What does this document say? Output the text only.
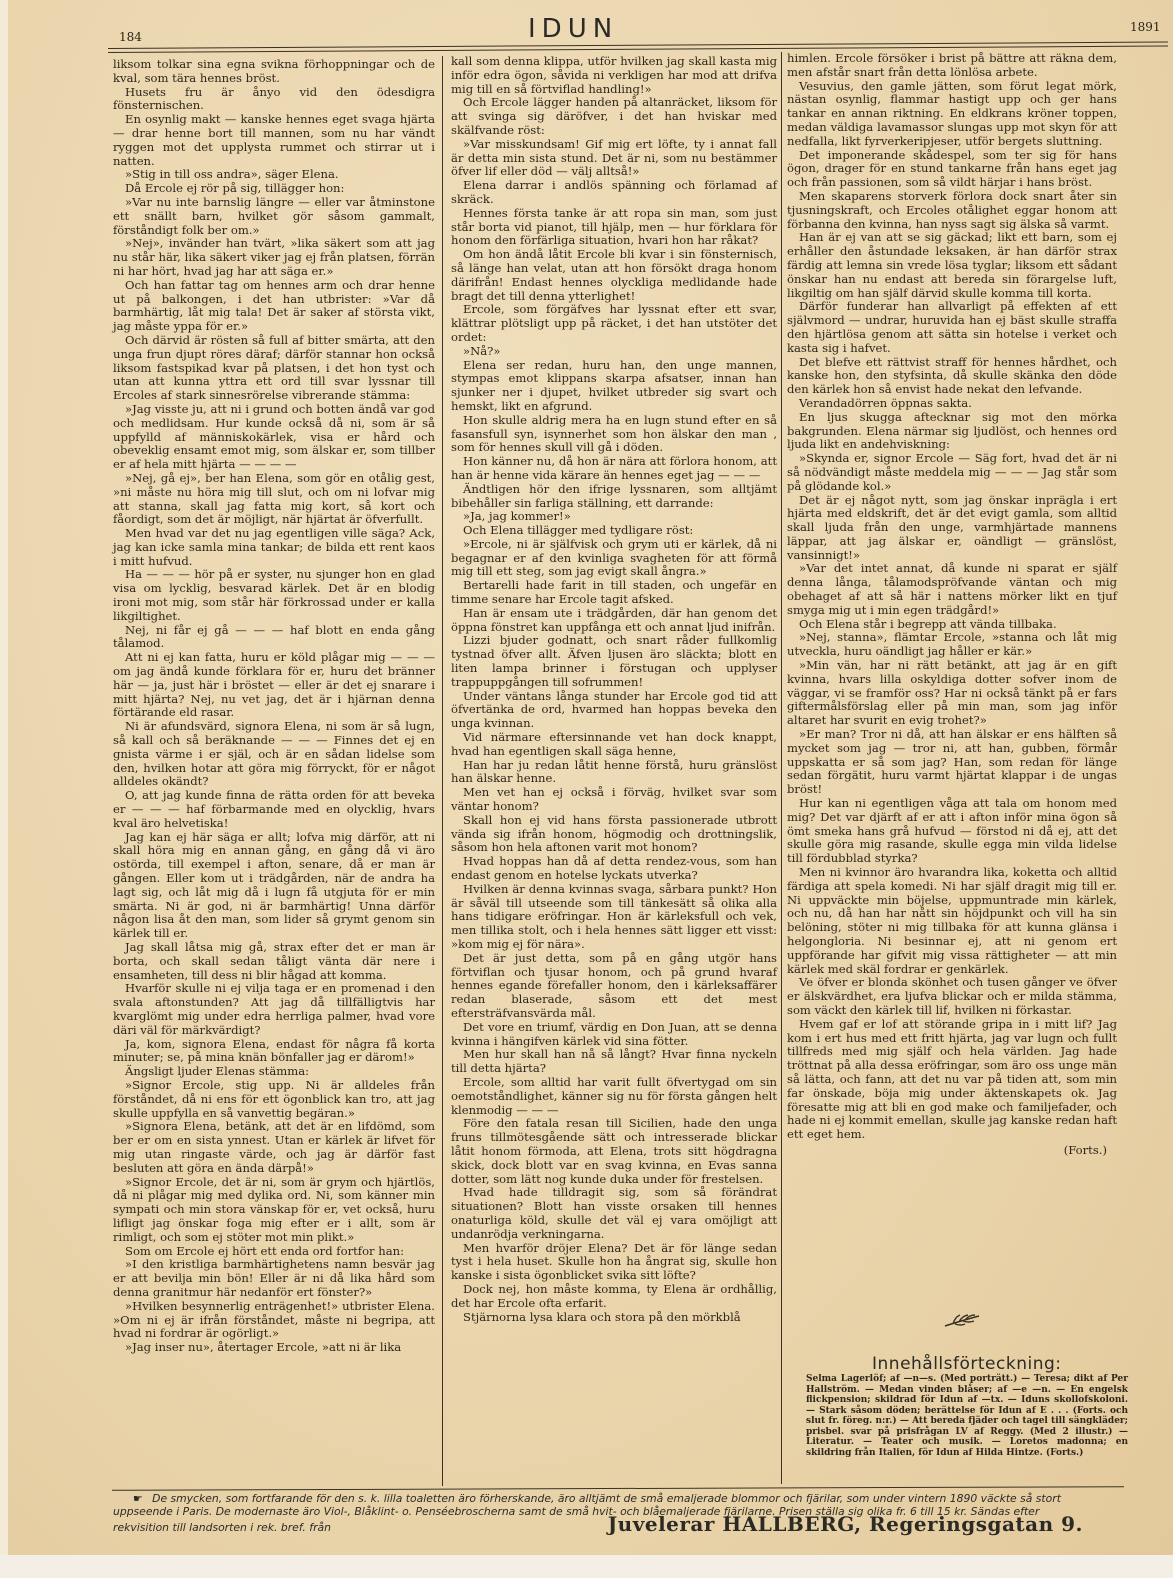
184	IDUN	1891

liksom tolkar sina egna svikna förhoppningar och de kval, som tära hennes bröst.

Husets fru är ånyo vid den ödesdigra fönsternischen.

En osynlig makt — kanske hennes eget svaga hjärta — drar henne bort till mannen, som nu har vändt ryggen mot det upplysta rummet och stirrar ut i natten.

»Stig in till oss andra», säger Elena.

Då Ercole ej rör på sig, tillägger hon:

»Var nu inte barnslig längre — eller var åtminstone ett snällt barn, hvilket gör såsom gammalt, förståndigt folk ber om.»

»Nej», invänder han tvärt, »lika säkert som att jag nu står här, lika säkert viker jag ej från platsen, förrän ni har hört, hvad jag har att säga er.»

Och han fattar tag om hennes arm och drar henne ut på balkongen, i det han utbrister: »Var då barmhärtig, låt mig tala! Det är saker af största vikt, jag måste yppa för er.»

Och därvid är rösten så full af bitter smärta, att den unga frun djupt röres däraf; därför stannar hon också liksom fastspikad kvar på platsen, i det hon tyst och utan att kunna yttra ett ord till svar lyssnar till Ercoles af stark sinnesrörelse vibrerande stämma:

»Jag visste ju, att ni i grund och botten ändå var god och medlidsam. Hur kunde också då ni, som är så uppfylld af människokärlek, visa er hård och obeveklig ensamt emot mig, som älskar er, som tillber er af hela mitt hjärta — — — —

»Nej, gå ej», ber han Elena, som gör en otålig gest, »ni måste nu höra mig till slut, och om ni lofvar mig att stanna, skall jag fatta mig kort, så kort och fåordigt, som det är möjligt, när hjärtat är öfverfullt.

Men hvad var det nu jag egentligen ville säga? Ack, jag kan icke samla mina tankar; de bilda ett rent kaos i mitt hufvud.

Ha — — — hör på er syster, nu sjunger hon en glad visa om lycklig, besvarad kärlek. Det är en blodig ironi mot mig, som står här förkrossad under er kalla likgiltighet.

Nej, ni får ej gå — — — haf blott en enda gång tålamod.

Att ni ej kan fatta, huru er köld plågar mig — — — om jag ändå kunde förklara för er, huru det bränner här — ja, just här i bröstet — eller är det ej snarare i mitt hjärta? Nej, nu vet jag, det är i hjärnan denna förtärande eld rasar.

Ni är afundsvärd, signora Elena, ni som är så lugn, så kall och så beräknande — — — Finnes det ej en gnista värme i er själ, och är en sådan lidelse som den, hvilken hotar att göra mig förryckt, för er något alldeles okändt?

O, att jag kunde finna de rätta orden för att beveka er — — — haf förbarmande med en olycklig, hvars kval äro helvetiska!

Jag kan ej här säga er allt; lofva mig därför, att ni skall höra mig en annan gång, en gång då vi äro ostörda, till exempel i afton, senare, då er man är gången. Eller kom ut i trädgården, när de andra ha lagt sig, och låt mig då i lugn få utgjuta för er min smärta. Ni är god, ni är barmhärtig! Unna därför någon lisa åt den man, som lider så grymt genom sin kärlek till er.

Jag skall låtsa mig gå, strax efter det er man är borta, och skall sedan tåligt vänta där nere i ensamheten, till dess ni blir hågad att komma.

Hvarför skulle ni ej vilja taga er en promenad i den svala aftonstunden? Att jag då tillfälligtvis har kvarglömt mig under edra herrliga palmer, hvad vore däri väl för märkvärdigt?

Ja, kom, signora Elena, endast för några få korta minuter; se, på mina knän bönfaller jag er därom!»

Ängsligt ljuder Elenas stämma:

»Signor Ercole, stig upp. Ni är alldeles från förståndet, då ni ens för ett ögonblick kan tro, att jag skulle uppfylla en så vanvettig begäran.»

»Signora Elena, betänk, att det är en lifdömd, som ber er om en sista ynnest. Utan er kärlek är lifvet för mig utan ringaste värde, och jag är därför fast besluten att göra en ända därpå!»

»Signor Ercole, det är ni, som är grym och hjärtlös, då ni plågar mig med dylika ord. Ni, som känner min sympati och min stora vänskap för er, vet också, huru lifligt jag önskar foga mig efter er i allt, som är rimligt, och som ej stöter mot min plikt.»

Som om Ercole ej hört ett enda ord fortfor han:

»I den kristliga barmhärtighetens namn besvär jag er att bevilja min bön! Eller är ni då lika hård som denna granitmur här nedanför ert fönster?»

»Hvilken besynnerlig enträgenhet!» utbrister Elena. »Om ni ej är ifrån förståndet, måste ni begripa, att hvad ni fordrar är ogörligt.»

»Jag inser nu», återtager Ercole, »att ni är lika

kall som denna klippa, utför hvilken jag skall kasta mig inför edra ögon, såvida ni verkligen har mod att drifva mig till en så förtviflad handling!»

Och Ercole lägger handen på altanräcket, liksom för att svinga sig däröfver, i det han hviskar med skälfvande röst:

»Var misskundsam! Gif mig ert löfte, ty i annat fall är detta min sista stund. Det är ni, som nu bestämmer öfver lif eller död — välj alltså!»

Elena darrar i andlös spänning och förlamad af skräck.

Hennes första tanke är att ropa sin man, som just står borta vid pianot, till hjälp, men — hur förklara för honom den förfärliga situation, hvari hon har råkat?

Om hon ändå låtit Ercole bli kvar i sin fönsternisch, så länge han velat, utan att hon försökt draga honom därifrån! Endast hennes olyckliga medlidande hade bragt det till denna ytterlighet!

Ercole, som förgäfves har lyssnat efter ett svar, klättrar plötsligt upp på räcket, i det han utstöter det ordet:

»Nå?»

Elena ser redan, huru han, den unge mannen, stympas emot klippans skarpa afsatser, innan han sjunker ner i djupet, hvilket utbreder sig svart och hemskt, likt en afgrund.

Hon skulle aldrig mera ha en lugn stund efter en så fasansfull syn, isynnerhet som hon älskar den man , som för hennes skull vill gå i döden.

Hon känner nu, då hon är nära att förlora honom, att han är henne vida kärare än hennes eget jag — — —

Ändtligen hör den ifrige lyssnaren, som alltjämt bibehåller sin farliga ställning, ett darrande:

»Ja, jag kommer!»

Och Elena tillägger med tydligare röst:

»Ercole, ni är själfvisk och grym uti er kärlek, då ni begagnar er af den kvinliga svagheten för att förmå mig till ett steg, som jag evigt skall ångra.»

Bertarelli hade farit in till staden, och ungefär en timme senare har Ercole tagit afsked.

Han är ensam ute i trädgården, där han genom det öppna fönstret kan uppfånga ett och annat ljud inifrån.

Lizzi bjuder godnatt, och snart råder fullkomlig tystnad öfver allt. Äfven ljusen äro släckta; blott en liten lampa brinner i förstugan och upplyser trappuppgången till sofrummen!

Under väntans långa stunder har Ercole god tid att öfvertänka de ord, hvarmed han hoppas beveka den unga kvinnan.

Vid närmare eftersinnande vet han dock knappt, hvad han egentligen skall säga henne,

Han har ju redan låtit henne förstå, huru gränslöst han älskar henne.

Men vet han ej också i förväg, hvilket svar som väntar honom?

Skall hon ej vid hans första passionerade utbrott vända sig ifrån honom, högmodig och drottningslik, såsom hon hela aftonen varit mot honom?

Hvad hoppas han då af detta rendez-vous, som han endast genom en hotelse lyckats utverka?

Hvilken är denna kvinnas svaga, sårbara punkt? Hon är såväl till utseende som till tänkesätt så olika alla hans tidigare eröfringar. Hon är kärleksfull och vek, men tillika stolt, och i hela hennes sätt ligger ett visst: »kom mig ej för nära».

Det är just detta, som på en gång utgör hans förtviflan och tjusar honom, och på grund hvaraf hennes egande förefaller honom, den i kärleksaffärer redan blaserade, såsom ett det mest eftersträfvansvärda mål.

Det vore en triumf, värdig en Don Juan, att se denna kvinna i hängifven kärlek vid sina fötter.

Men hur skall han nå så långt? Hvar finna nyckeln till detta hjärta?

Ercole, som alltid har varit fullt öfvertygad om sin oemotståndlighet, känner sig nu för första gången helt klenmodig — — —

Före den fatala resan till Sicilien, hade den unga fruns tillmötesgående sätt och intresserade blickar låtit honom förmoda, att Elena, trots sitt högdragna skick, dock blott var en svag kvinna, en Evas sanna dotter, som lätt nog kunde duka under för frestelsen.

Hvad hade tilldragit sig, som så förändrat situationen? Blott han visste orsaken till hennes onaturliga köld, skulle det väl ej vara omöjligt att undanrödja verkningarna.

Men hvarför dröjer Elena? Det är för länge sedan tyst i hela huset. Skulle hon ha ångrat sig, skulle hon kanske i sista ögonblicket svika sitt löfte?

Dock nej, hon måste komma, ty Elena är ordhållig, det har Ercole ofta erfarit.

Stjärnorna lysa klara och stora på den mörkblå

himlen. Ercole försöker i brist på bättre att räkna dem, men afstår snart från detta lönlösa arbete.

Vesuvius, den gamle jätten, som förut legat mörk, nästan osynlig, flammar hastigt upp och ger hans tankar en annan riktning. En eldkrans kröner toppen, medan väldiga lavamassor slungas upp mot skyn för att nedfalla, likt fyrverkeripjeser, utför bergets sluttning.

Det imponerande skådespel, som ter sig för hans ögon, drager för en stund tankarne från hans eget jag och från passionen, som så vildt härjar i hans bröst.

Men skaparens storverk förlora dock snart åter sin tjusningskraft, och Ercoles otålighet eggar honom att förbanna den kvinna, han nyss sagt sig älska så varmt.

Han är ej van att se sig gäckad; likt ett barn, som ej erhåller den åstundade leksaken, är han därför strax färdig att lemna sin vrede lösa tyglar; liksom ett sådant önskar han nu endast att bereda sin förargelse luft, likgiltig om han själf därvid skulle komma till korta.

Därför funderar han allvarligt på effekten af ett självmord — undrar, huruvida han ej bäst skulle straffa den hjärtlösa genom att sätta sin hotelse i verket och kasta sig i hafvet.

Det blefve ett rättvist straff för hennes hårdhet, och kanske hon, den styfsinta, då skulle skänka den döde den kärlek hon så envist hade nekat den lefvande.

Verandadörren öppnas sakta.

En ljus skugga aftecknar sig mot den mörka bakgrunden. Elena närmar sig ljudlöst, och hennes ord ljuda likt en andehviskning:

»Skynda er, signor Ercole — Säg fort, hvad det är ni så nödvändigt måste meddela mig — — — Jag står som på glödande kol.»

Det är ej något nytt, som jag önskar inprägla i ert hjärta med eldskrift, det är det evigt gamla, som alltid skall ljuda från den unge, varmhjärtade mannens läppar, att jag älskar er, oändligt — gränslöst, vansinnigt!»

»Var det intet annat, då kunde ni sparat er själf denna långa, tålamodspröfvande väntan och mig obehaget af att så här i nattens mörker likt en tjuf smyga mig ut i min egen trädgård!»

Och Elena står i begrepp att vända tillbaka.

»Nej, stanna», flämtar Ercole, »stanna och låt mig utveckla, huru oändligt jag håller er kär.»

»Min vän, har ni rätt betänkt, att jag är en gift kvinna, hvars lilla oskyldiga dotter sofver inom de väggar, vi se framför oss? Har ni också tänkt på er fars giftermålsförslag eller på min man, som jag inför altaret har svurit en evig trohet?»

»Er man? Tror ni då, att han älskar er ens hälften så mycket som jag — tror ni, att han, gubben, förmår uppskatta er så som jag? Han, som redan för länge sedan förgätit, huru varmt hjärtat klappar i de ungas bröst!

Hur kan ni egentligen våga att tala om honom med mig? Det var djärft af er att i afton inför mina ögon så ömt smeka hans grå hufvud — förstod ni då ej, att det skulle göra mig rasande, skulle egga min vilda lidelse till fördubblad styrka?

Men ni kvinnor äro hvarandra lika, koketta och alltid färdiga att spela komedi. Ni har själf dragit mig till er. Ni uppväckte min böjelse, uppmuntrade min kärlek, och nu, då han har nått sin höjdpunkt och vill ha sin belöning, stöter ni mig tillbaka för att kunna glänsa i helgongloria. Ni besinnar ej, att ni genom ert uppförande har gifvit mig vissa rättigheter — att min kärlek med skäl fordrar er genkärlek.

Ve öfver er blonda skönhet och tusen gånger ve öfver er älskvärdhet, era ljufva blickar och er milda stämma, som väckt den kärlek till lif, hvilken ni förkastar.

Hvem gaf er lof att störande gripa in i mitt lif? Jag kom i ert hus med ett fritt hjärta, jag var lugn och fullt tillfreds med mig själf och hela världen. Jag hade tröttnat på alla dessa eröfringar, som äro oss unge män så lätta, och fann, att det nu var på tiden att, som min far önskade, böja mig under äktenskapets ok. Jag föresatte mig att bli en god make och familjefader, och hade ni ej kommit emellan, skulle jag kanske redan haft ett eget hem.

(Forts.)
Innehållsförteckning:
Selma Lagerlöf; af —n—s. (Med porträtt.) — Teresa; dikt af Per Hallström. — Medan vinden blåser; af —e —n. — En engelsk flickpension; skildrad för Idun af —tx. — Iduns skollofskoloni. — Stark såsom döden; berättelse för Idun af E . . . (Forts. och slut fr. föreg. n:r.) — Att bereda fjäder och tagel till sängkläder; prisbel. svar på prisfrågan LV af Reggy. (Med 2 illustr.) — Literatur. — Teater och musik. — Loretos madonna; en skildring från Italien, för Idun af Hilda Hintze. (Forts.)
☛ De smycken, som fortfarande för den s. k. lilla toaletten äro förherskande, äro alltjämt de små emaljerade blommor och fjärilar, som under vintern 1890 väckte så stort
uppseende i Paris. De modernaste äro Viol-, Blåklint- o. Penséebroscherna samt de små hvit- och blåemaljerade fjärilarne. Prisen ställa sig olika fr. 6 till 15 kr. Sändas efter
rekvisition till landsorten i rek. bref. från	Juvelerar HALLBERG, Regeringsgatan 9.
